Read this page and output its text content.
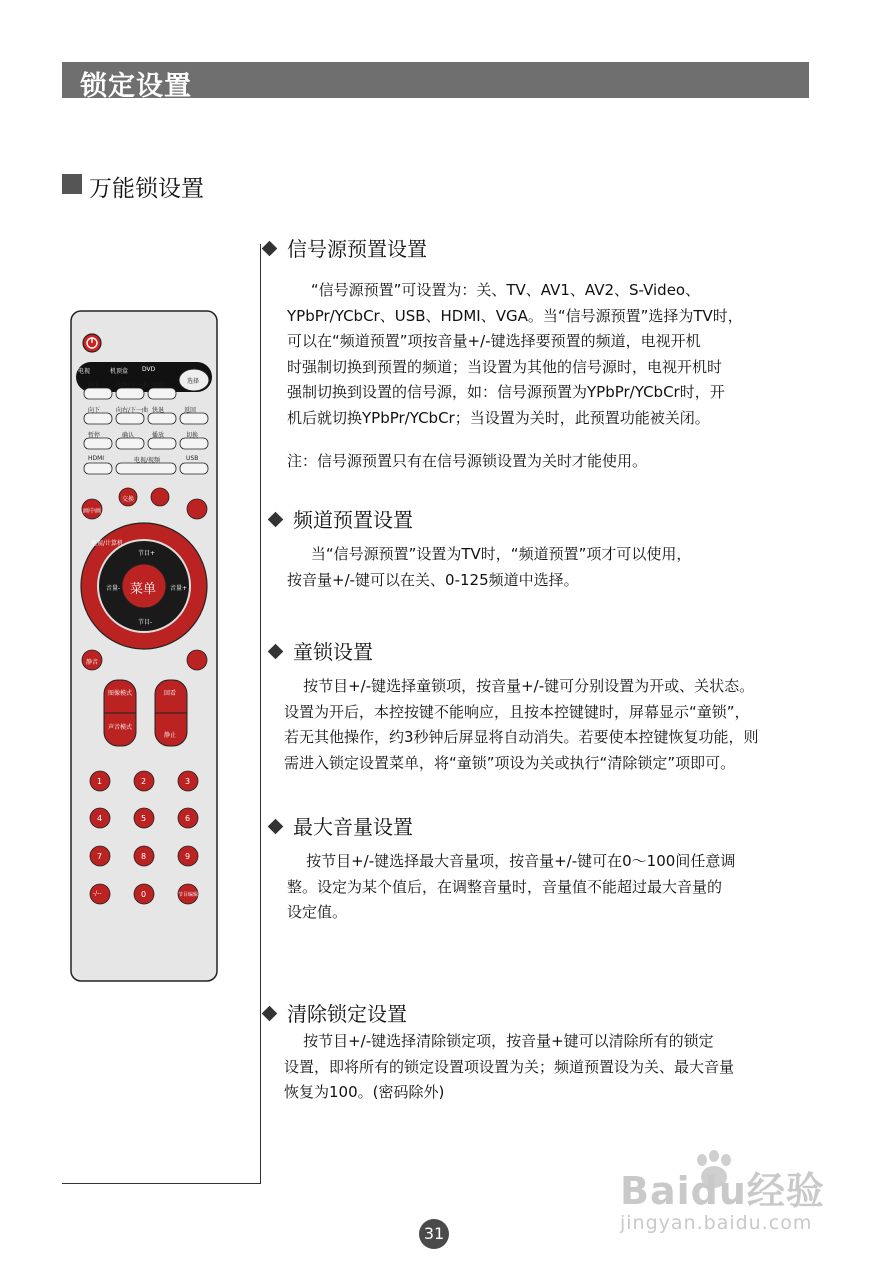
锁定设置
万能锁设置
信号源预置设置
“信号源预置”可设置为：关、TV、AV1、AV2、S-Video、
YPbPr/YCbCr、USB、HDMI、VGA。当“信号源预置”选择为TV时，
可以在“频道预置”项按音量+/-键选择要预置的频道，电视开机
时强制切换到预置的频道；当设置为其他的信号源时，电视开机时
强制切换到设置的信号源，如：信号源预置为YPbPr/YCbCr时，开
机后就切换YPbPr/YCbCr；当设置为关时，此预置功能被关闭。
注：信号源预置只有在信号源锁设置为关时才能使用。
频道预置设置
当“信号源预置”设置为TV时，“频道预置”项才可以使用，
按音量+/-键可以在关、0-125频道中选择。
童锁设置
按节目+/-键选择童锁项，按音量+/-键可分别设置为开或、关状态。
设置为开后，本控按键不能响应，且按本控键键时，屏幕显示“童锁”，
若无其他操作，约3秒钟后屏显将自动消失。若要使本控键恢复功能，则
需进入锁定设置菜单，将“童锁”项设为关或执行“清除锁定”项即可。
最大音量设置
按节目+/-键选择最大音量项，按音量+/-键可在0～100间任意调
整。设定为某个值后，在调整音量时，音量值不能超过最大音量的
设定值。
清除锁定设置
按节目+/-键选择清除锁定项，按音量+键可以清除所有的锁定
设置，即将所有的锁定设置项设置为关；频道预置设为关、最大音量
恢复为100。(密码除外)
电视	机顶盒 DVD
选择
向上	向左/上一曲 快进
向下	向右/下一曲 快退	返回
暂停	确认	播放	切换
HDMI	电视/视频	USB
交换
画中画
电视/计算机
静音
节目+
节目-
音量-	音量+
菜单
图像模式
声音模式
回看
静止
1	2	3
4	5	6
7	8	9
-/--	0	节目编辑
31
Baidu经验
jingyan.baidu.com
